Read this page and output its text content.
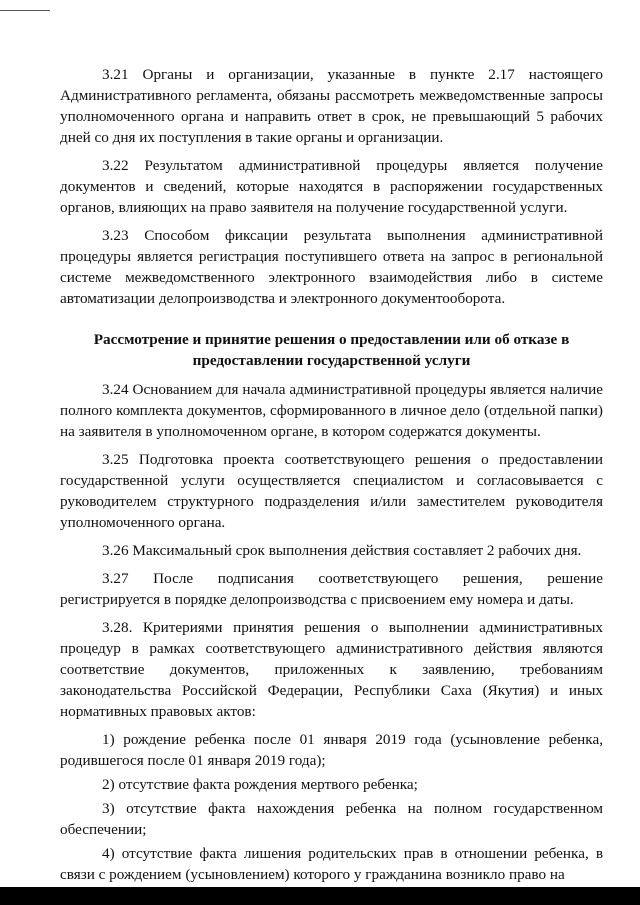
3.21 Органы и организации, указанные в пункте 2.17 настоящего Административного регламента, обязаны рассмотреть межведомственные запросы уполномоченного органа и направить ответ в срок, не превышающий 5 рабочих дней со дня их поступления в такие органы и организации.

3.22 Результатом административной процедуры является получение документов и сведений, которые находятся в распоряжении государственных органов, влияющих на право заявителя на получение государственной услуги.

3.23 Способом фиксации результата выполнения административной процедуры является регистрация поступившего ответа на запрос в региональной системе межведомственного электронного взаимодействия либо в системе автоматизации делопроизводства и электронного документооборота.

Рассмотрение и принятие решения о предоставлении или об отказе в
предоставлении государственной услуги

3.24 Основанием для начала административной процедуры является наличие полного комплекта документов, сформированного в личное дело (отдельной папки) на заявителя в уполномоченном органе, в котором содержатся документы.

3.25 Подготовка проекта соответствующего решения о предоставлении государственной услуги осуществляется специалистом и согласовывается с руководителем структурного подразделения и/или заместителем руководителя уполномоченного органа.

3.26 Максимальный срок выполнения действия составляет 2 рабочих дня.

3.27 После подписания соответствующего решения, решение регистрируется в порядке делопроизводства с присвоением ему номера и даты.

3.28. Критериями принятия решения о выполнении административных процедур в рамках соответствующего административного действия являются соответствие документов, приложенных к заявлению, требованиям законодательства Российской Федерации, Республики Саха (Якутия) и иных нормативных правовых актов:

1) рождение ребенка после 01 января 2019 года (усыновление ребенка, родившегося после 01 января 2019 года);

2) отсутствие факта рождения мертвого ребенка;

3) отсутствие факта нахождения ребенка на полном государственном обеспечении;

4) отсутствие факта лишения родительских прав в отношении ребенка, в связи с рождением (усыновлением) которого у гражданина возникло право на
